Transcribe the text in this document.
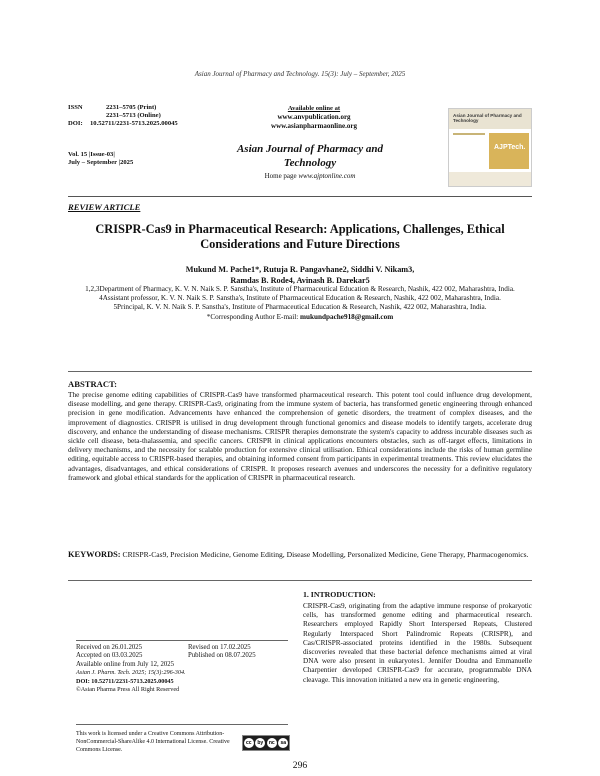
Asian Journal of Pharmacy and Technology. 15(3): July – September, 2025
ISSN	2231–5705 (Print)
2231–5713 (Online)
DOI:	10.52711/2231-5713.2025.00045
Available online at
www.anvpublication.org
www.asianpharmaonline.org
Vol. 15 |Issue-03|
July – September |2025
Asian Journal of Pharmacy and Technology
Home page www.ajptonline.com
Asian Journal of Pharmacy and Technology
AJPTech.
REVIEW ARTICLE
CRISPR-Cas9 in Pharmaceutical Research: Applications, Challenges, Ethical Considerations and Future Directions
Mukund M. Pache1*, Rutuja R. Pangavhane2, Siddhi V. Nikam3,
Ramdas B. Rode4, Avinash B. Darekar5

1,2,3Department of Pharmacy, K. V. N. Naik S. P. Sanstha's, Institute of Pharmaceutical Education & Research, Nashik, 422 002, Maharashtra, India.

4Assistant professor, K. V. N. Naik S. P. Sanstha's, Institute of Pharmaceutical Education & Research, Nashik, 422 002, Maharashtra, India.

5Principal, K. V. N. Naik S. P. Sanstha's, Institute of Pharmaceutical Education & Research, Nashik, 422 002, Maharashtra, India.

*Corresponding Author E-mail: mukundpache918@gmail.com

ABSTRACT:
The precise genome editing capabilities of CRISPR-Cas9 have transformed pharmaceutical research. This potent tool could influence drug development, disease modelling, and gene therapy. CRISPR-Cas9, originating from the immune system of bacteria, has transformed genetic engineering through enhanced precision in gene modification. Advancements have enhanced the comprehension of genetic disorders, the treatment of complex diseases, and the improvement of diagnostics. CRISPR is utilised in drug development through functional genomics and disease models to identify targets, accelerate drug discovery, and enhance the understanding of disease mechanisms. CRISPR therapies demonstrate the system's capacity to address incurable diseases such as sickle cell disease, beta-thalassemia, and specific cancers. CRISPR in clinical applications encounters obstacles, such as off-target effects, limitations in delivery mechanisms, and the necessity for scalable production for extensive clinical utilisation. Ethical considerations include the risks of human germline editing, equitable access to CRISPR-based therapies, and obtaining informed consent from participants in experimental treatments. This review elucidates the advantages, disadvantages, and ethical considerations of CRISPR. It proposes research avenues and underscores the necessity for a definitive regulatory framework and global ethical standards for the application of CRISPR in pharmaceutical research.
KEYWORDS: CRISPR-Cas9, Precision Medicine, Genome Editing, Disease Modelling, Personalized Medicine, Gene Therapy, Pharmacogenomics.
1. INTRODUCTION:
CRISPR-Cas9, originating from the adaptive immune response of prokaryotic cells, has transformed genome editing and pharmaceutical research. Researchers employed Rapidly Short Interspersed Repeats, Clustered Regularly Interspaced Short Palindromic Repeats (CRISPR), and Cas/CRISPR-associated proteins identified in the 1980s. Subsequent discoveries revealed that these bacterial defence mechanisms aimed at viral DNA were also present in eukaryotes1. Jennifer Doudna and Emmanuelle Charpentier developed CRISPR-Cas9 for accurate, programmable DNA cleavage. This innovation initiated a new era in genetic engineering,
Received on 26.01.2025	Revised on 17.02.2025
Accepted on 03.03.2025	Published on 08.07.2025
Available online from July 12, 2025
Asian J. Pharm. Tech. 2025; 15(3):296-304.
DOI: 10.52711/2231-5713.2025.00045
©Asian Pharma Press All Right Reserved
This work is licensed under a Creative Commons Attribution-NonCommercial-ShareAlike 4.0 International License. Creative Commons License.
cc	by	nc	sa
296
